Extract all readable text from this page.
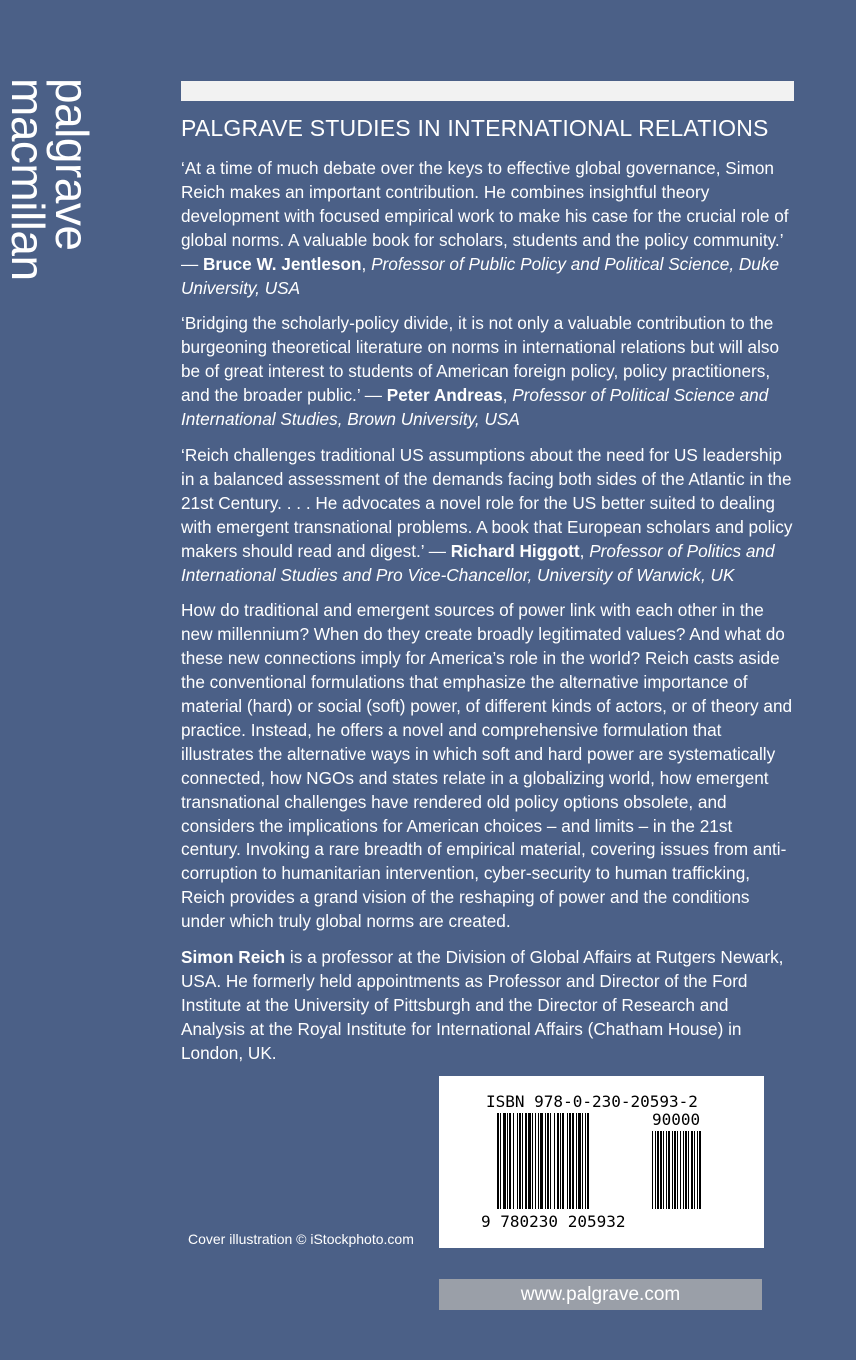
palgrave
macmillan	PALGRAVE STUDIES IN INTERNATIONAL RELATIONS

‘At a time of much debate over the keys to effective global governance, Simon Reich makes an important contribution. He combines insightful theory development with focused empirical work to make his case for the crucial role of global norms. A valuable book for scholars, students and the policy community.’ — Bruce W. Jentleson, Professor of Public Policy and Political Science, Duke University, USA

‘Bridging the scholarly-policy divide, it is not only a valuable contribution to the burgeoning theoretical literature on norms in international relations but will also be of great interest to students of American foreign policy, policy practitioners, and the broader public.’ — Peter Andreas, Professor of Political Science and International Studies, Brown University, USA

‘Reich challenges traditional US assumptions about the need for US leadership in a balanced assessment of the demands facing both sides of the Atlantic in the 21st Century. . . . He advocates a novel role for the US better suited to dealing with emergent transnational problems. A book that European scholars and policy makers should read and digest.’ — Richard Higgott, Professor of Politics and International Studies and Pro Vice-Chancellor, University of Warwick, UK

How do traditional and emergent sources of power link with each other in the new millennium? When do they create broadly legitimated values? And what do these new connections imply for America’s role in the world? Reich casts aside the conventional formulations that emphasize the alternative importance of material (hard) or social (soft) power, of different kinds of actors, or of theory and practice. Instead, he offers a novel and comprehensive formulation that illustrates the alternative ways in which soft and hard power are systematically connected, how NGOs and states relate in a globalizing world, how emergent transnational challenges have rendered old policy options obsolete, and considers the implications for American choices – and limits – in the 21st century. Invoking a rare breadth of empirical material, covering issues from anti-corruption to humanitarian intervention, cyber-security to human trafficking, Reich provides a grand vision of the reshaping of power and the conditions under which truly global norms are created.

Simon Reich is a professor at the Division of Global Affairs at Rutgers Newark, USA. He formerly held appointments as Professor and Director of the Ford Institute at the University of Pittsburgh and the Director of Research and Analysis at the Royal Institute for International Affairs (Chatham House) in London, UK.

ISBN 978-0-230-20593-2
90000
9 780230 205932
Cover illustration © iStockphoto.com
www.palgrave.com
